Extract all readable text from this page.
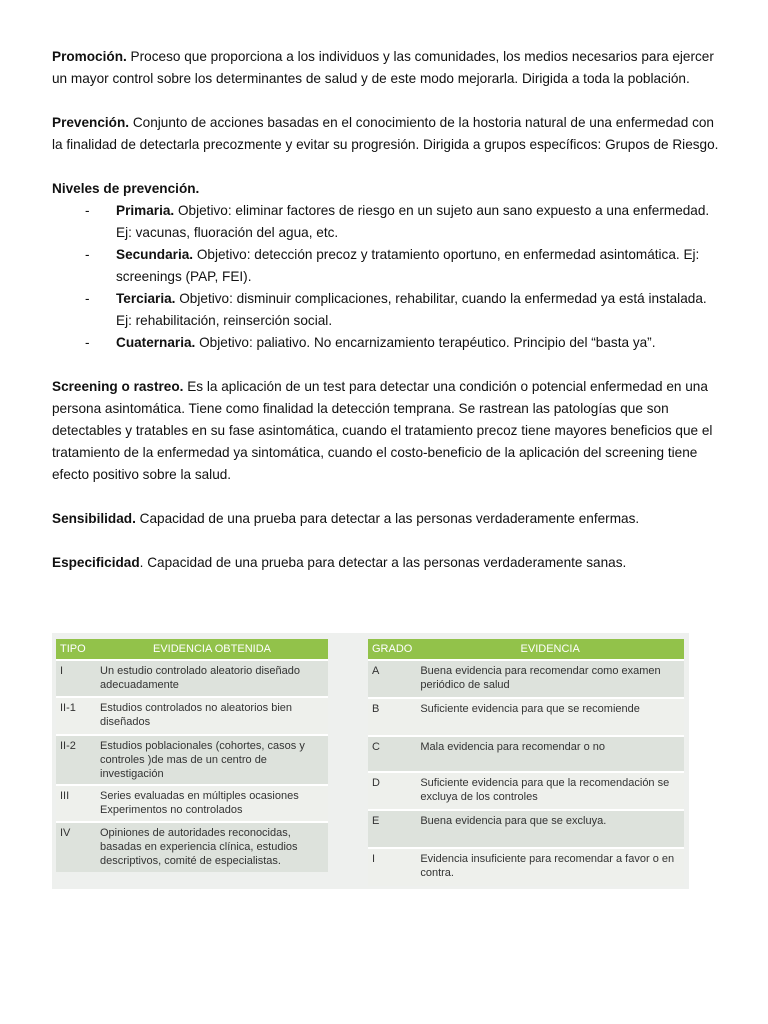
Promoción. Proceso que proporciona a los individuos y las comunidades, los medios necesarios para ejercer un mayor control sobre los determinantes de salud y de este modo mejorarla. Dirigida a toda la población.

Prevención. Conjunto de acciones basadas en el conocimiento de la hostoria natural de una enfermedad con la finalidad de detectarla precozmente y evitar su progresión. Dirigida a grupos específicos: Grupos de Riesgo.

Niveles de prevención.

- Primaria. Objetivo: eliminar factores de riesgo en un sujeto aun sano expuesto a una enfermedad. Ej: vacunas, fluoración del agua, etc.
- Secundaria. Objetivo: detección precoz y tratamiento oportuno, en enfermedad asintomática. Ej: screenings (PAP, FEI).
- Terciaria. Objetivo: disminuir complicaciones, rehabilitar, cuando la enfermedad ya está instalada. Ej: rehabilitación, reinserción social.
- Cuaternaria. Objetivo: paliativo. No encarnizamiento terapéutico. Principio del “basta ya”.

Screening o rastreo. Es la aplicación de un test para detectar una condición o potencial enfermedad en una persona asintomática. Tiene como finalidad la detección temprana. Se rastrean las patologías que son detectables y tratables en su fase asintomática, cuando el tratamiento precoz tiene mayores beneficios que el tratamiento de la enfermedad ya sintomática, cuando el costo-beneficio de la aplicación del screening tiene efecto positivo sobre la salud.

Sensibilidad. Capacidad de una prueba para detectar a las personas verdaderamente enfermas.

Especificidad. Capacidad de una prueba para detectar a las personas verdaderamente sanas.

TIPO	EVIDENCIA OBTENIDA
I	Un estudio controlado aleatorio diseñado adecuadamente
II-1	Estudios controlados no aleatorios bien diseñados
II-2	Estudios poblacionales (cohortes, casos y controles )de mas de un centro de investigación
III	Series evaluadas en múltiples ocasiones Experimentos no controlados
IV	Opiniones de autoridades reconocidas, basadas en experiencia clínica, estudios descriptivos, comité de especialistas.
GRADO	EVIDENCIA
A	Buena evidencia para recomendar como examen periódico de salud
B	Suficiente evidencia para que se recomiende
C	Mala evidencia para recomendar o no
D	Suficiente evidencia para que la recomendación se excluya de los controles
E	Buena evidencia para que se excluya.
I	Evidencia insuficiente para recomendar a favor o en contra.
